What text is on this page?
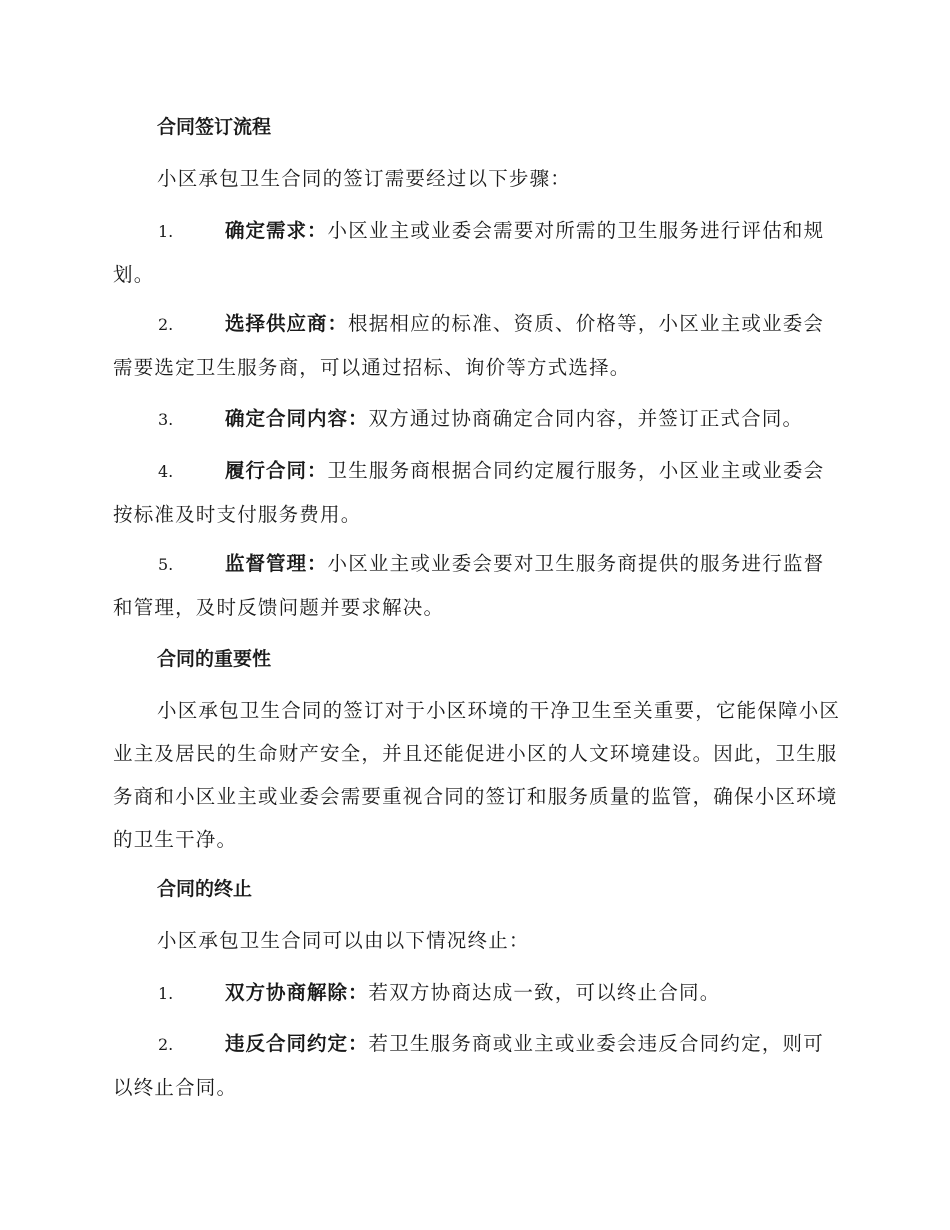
合同签订流程

小区承包卫生合同的签订需要经过以下步骤：

1.	确定需求：小区业主或业委会需要对所需的卫生服务进行评估和规划。

2.	选择供应商：根据相应的标准、资质、价格等，小区业主或业委会需要选定卫生服务商，可以通过招标、询价等方式选择。

3.	确定合同内容：双方通过协商确定合同内容，并签订正式合同。

4.	履行合同：卫生服务商根据合同约定履行服务，小区业主或业委会按标准及时支付服务费用。

5.	监督管理：小区业主或业委会要对卫生服务商提供的服务进行监督和管理，及时反馈问题并要求解决。

合同的重要性

小区承包卫生合同的签订对于小区环境的干净卫生至关重要，它能保障小区业主及居民的生命财产安全，并且还能促进小区的人文环境建设。因此，卫生服务商和小区业主或业委会需要重视合同的签订和服务质量的监管，确保小区环境的卫生干净。

合同的终止

小区承包卫生合同可以由以下情况终止：

1.	双方协商解除：若双方协商达成一致，可以终止合同。

2.	违反合同约定：若卫生服务商或业主或业委会违反合同约定，则可以终止合同。
